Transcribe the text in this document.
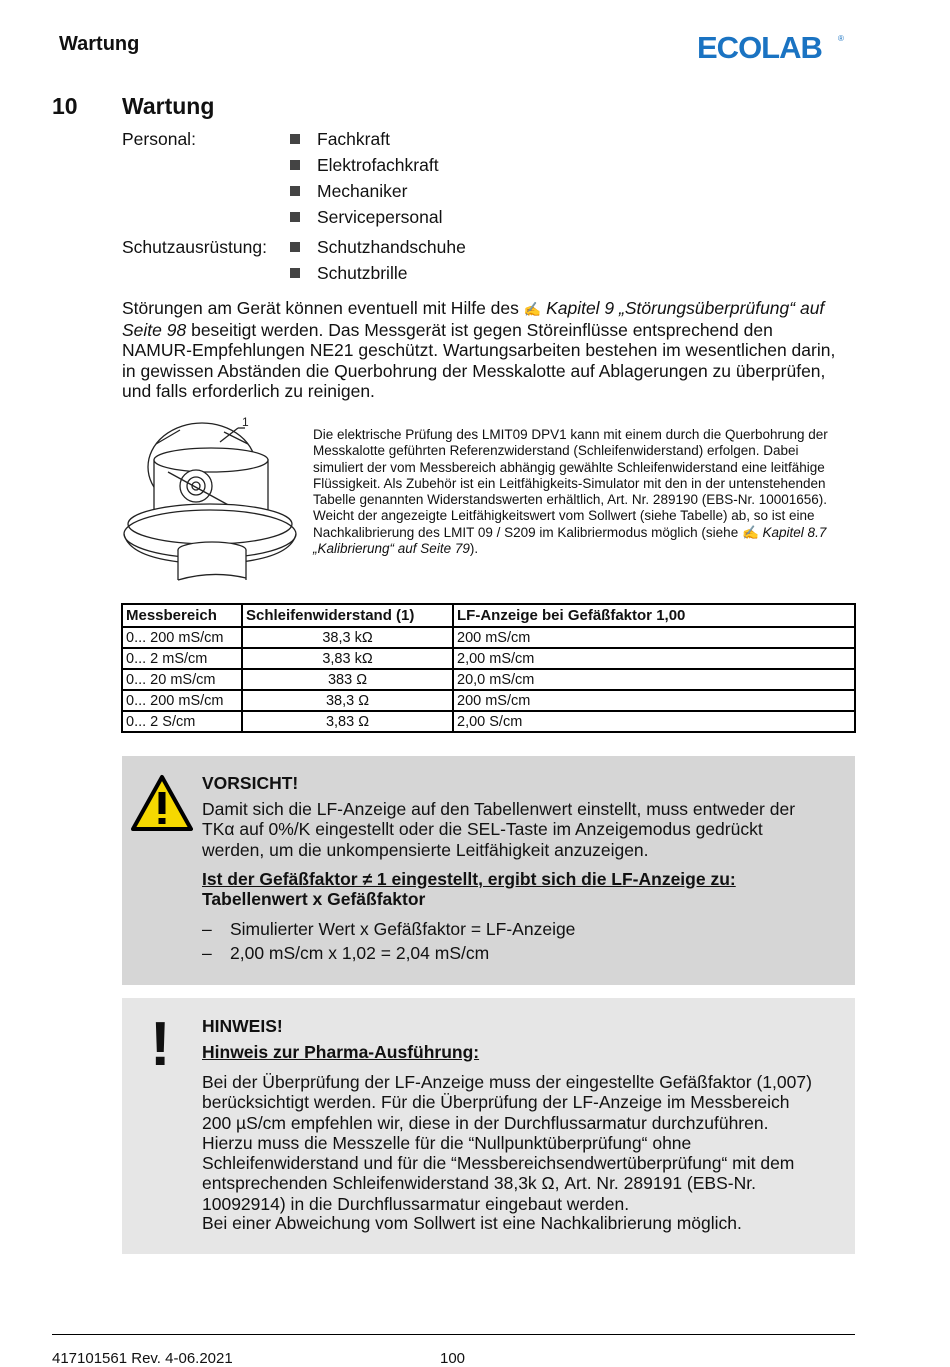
Wartung	ECOLAB ®
10 Wartung
Personal:	Fachkraft
Elektrofachkraft
Mechaniker
Servicepersonal
Schutzausrüstung:	Schutzhandschuhe
Schutzbrille
Störungen am Gerät können eventuell mit Hilfe des ✍ Kapitel 9 „Störungsüberprüfung“ auf Seite 98 beseitigt werden. Das Messgerät ist gegen Störeinflüsse entsprechend den NAMUR-Empfehlungen NE21 geschützt. Wartungsarbeiten bestehen im wesentlichen darin, in gewissen Abständen die Querbohrung der Messkalotte auf Ablagerungen zu überprüfen, und falls erforderlich zu reinigen.
1
Die elektrische Prüfung des LMIT09 DPV1 kann mit einem durch die Querbohrung der Messkalotte geführten Referenzwiderstand (Schleifenwiderstand) erfolgen. Dabei simuliert der vom Messbereich abhängig gewählte Schleifenwiderstand eine leitfähige Flüssigkeit. Als Zubehör ist ein Leitfähigkeits-Simulator mit den in der untenstehenden Tabelle genannten Widerstandswerten erhältlich, Art. Nr. 289190 (EBS-Nr. 10001656).
Weicht der angezeigte Leitfähigkeitswert vom Sollwert (siehe Tabelle) ab, so ist eine Nachkalibrierung des LMIT 09 / S209 im Kalibriermodus möglich (siehe ✍ Kapitel 8.7 „Kalibrierung“ auf Seite 79).
Messbereich	Schleifenwiderstand (1)	LF-Anzeige bei Gefäßfaktor 1,00
0... 200 mS/cm	38,3 kΩ	200 mS/cm
0... 2 mS/cm	3,83 kΩ	2,00 mS/cm
0... 20 mS/cm	383 Ω	20,0 mS/cm
0... 200 mS/cm	38,3 Ω	200 mS/cm
0... 2 S/cm	3,83 Ω	2,00 S/cm
VORSICHT!
Damit sich die LF-Anzeige auf den Tabellenwert einstellt, muss entweder der TKα auf 0%/K eingestellt oder die SEL-Taste im Anzeigemodus gedrückt werden, um die unkompensierte Leitfähigkeit anzuzeigen.
Ist der Gefäßfaktor ≠ 1 eingestellt, ergibt sich die LF-Anzeige zu:
Tabellenwert x Gefäßfaktor
– Simulierter Wert x Gefäßfaktor = LF-Anzeige
– 2,00 mS/cm x 1,02 = 2,04 mS/cm
! HINWEIS!
Hinweis zur Pharma-Ausführung:
Bei der Überprüfung der LF-Anzeige muss der eingestellte Gefäßfaktor (1,007) berücksichtigt werden. Für die Überprüfung der LF-Anzeige im Messbereich 200 µS/cm empfehlen wir, diese in der Durchflussarmatur durchzuführen. Hierzu muss die Messzelle für die “Nullpunktüberprüfung“ ohne Schleifenwiderstand und für die “Messbereichsendwertüberprüfung“ mit dem entsprechenden Schleifenwiderstand 38,3k Ω, Art. Nr. 289191 (EBS-Nr. 10092914) in die Durchflussarmatur eingebaut werden.
Bei einer Abweichung vom Sollwert ist eine Nachkalibrierung möglich.
417101561 Rev. 4-06.2021	100
